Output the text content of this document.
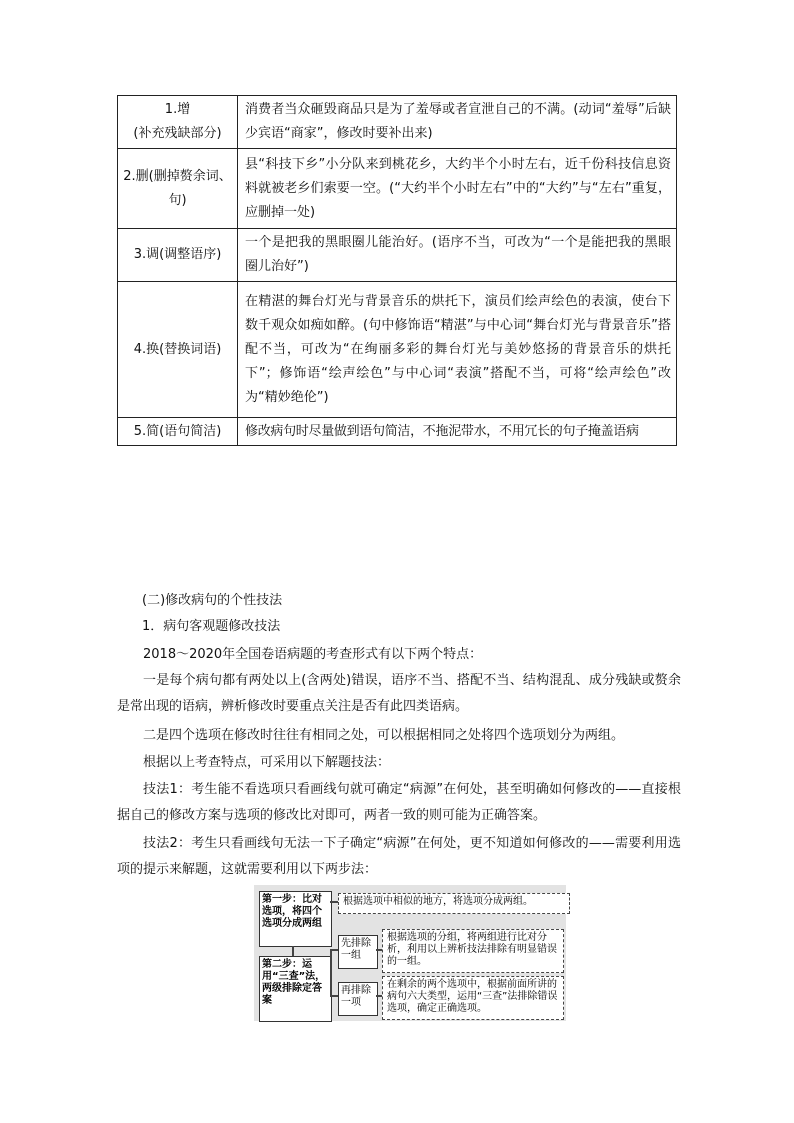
1.增
(补充残缺部分)	消费者当众砸毁商品只是为了羞辱或者宣泄自己的不满。(动词“羞辱”后缺少宾语“商家”，修改时要补出来)
2.删(删掉赘余词、句)	县“科技下乡”小分队来到桃花乡，大约半个小时左右，近千份科技信息资料就被老乡们索要一空。(“大约半个小时左右”中的“大约”与“左右”重复，应删掉一处)
3.调(调整语序)	一个是把我的黑眼圈儿能治好。(语序不当，可改为“一个是能把我的黑眼圈儿治好”)
4.换(替换词语)	在精湛的舞台灯光与背景音乐的烘托下，演员们绘声绘色的表演，使台下数千观众如痴如醉。(句中修饰语“精湛”与中心词“舞台灯光与背景音乐”搭配不当，可改为“在绚丽多彩的舞台灯光与美妙悠扬的背景音乐的烘托下”；修饰语“绘声绘色”与中心词“表演”搭配不当，可将“绘声绘色”改为“精妙绝伦”)
5.简(语句简洁)	修改病句时尽量做到语句简洁，不拖泥带水，不用冗长的句子掩盖语病
(二)修改病句的个性技法
1．病句客观题修改技法
2018～2020年全国卷语病题的考查形式有以下两个特点：
一是每个病句都有两处以上(含两处)错误，语序不当、搭配不当、结构混乱、成分残缺或赘余是常出现的语病，辨析修改时要重点关注是否有此四类语病。
二是四个选项在修改时往往有相同之处，可以根据相同之处将四个选项划分为两组。
根据以上考查特点，可采用以下解题技法：
技法1：考生能不看选项只看画线句就可确定“病源”在何处，甚至明确如何修改的——直接根据自己的修改方案与选项的修改比对即可，两者一致的则可能为正确答案。
技法2：考生只看画线句无法一下子确定“病源”在何处，更不知道如何修改的——需要利用选项的提示来解题，这就需要利用以下两步法：
第一步：比对选项，将四个选项分成两组
根据选项中相似的地方，将选项分成两组。
第二步：运用“三查”法，两级排除定答案
先排除一组
再排除一项
根据选项的分组，将两组进行比对分析，利用以上辨析技法排除有明显错误的一组。
在剩余的两个选项中，根据前面所讲的病句六大类型，运用“三查”法排除错误选项，确定正确选项。
